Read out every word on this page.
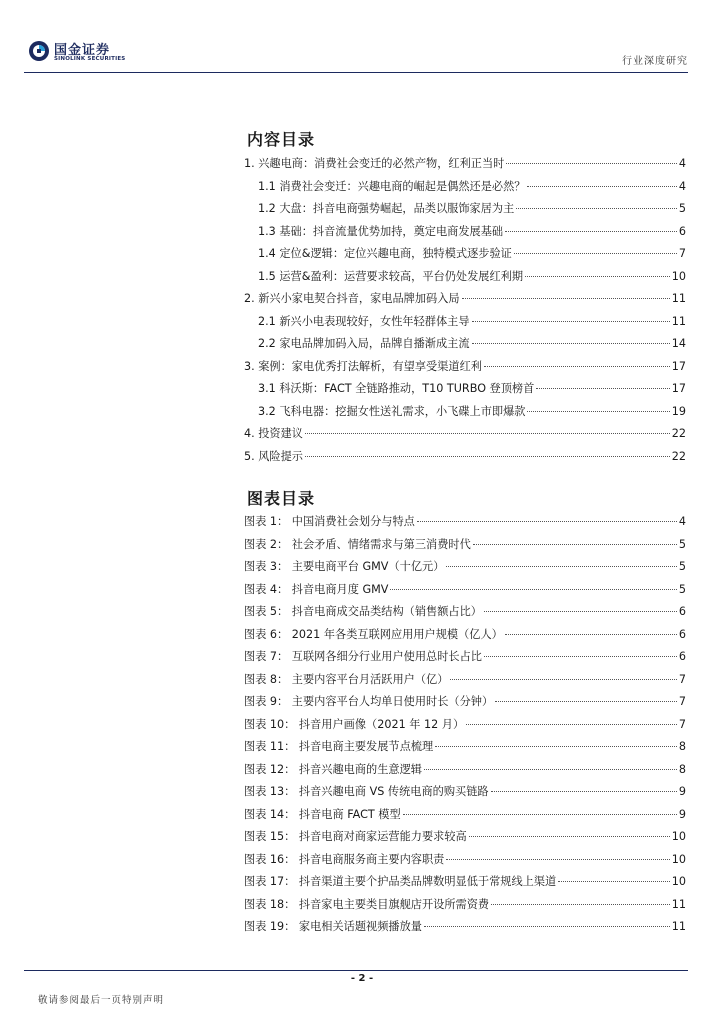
国金证券
SINOLINK SECURITIES	行业深度研究
内容目录
1. 兴趣电商：消费社会变迁的必然产物，红利正当时	4
1.1 消费社会变迁：兴趣电商的崛起是偶然还是必然？	4
1.2 大盘：抖音电商强势崛起，品类以服饰家居为主	5
1.3 基础：抖音流量优势加持，奠定电商发展基础	6
1.4 定位&逻辑：定位兴趣电商，独特模式逐步验证	7
1.5 运营&盈利：运营要求较高，平台仍处发展红利期	10
2. 新兴小家电契合抖音，家电品牌加码入局	11
2.1 新兴小电表现较好，女性年轻群体主导	11
2.2 家电品牌加码入局，品牌自播渐成主流	14
3. 案例：家电优秀打法解析，有望享受渠道红利	17
3.1 科沃斯：FACT 全链路推动，T10 TURBO 登顶榜首	17
3.2 飞科电器：挖掘女性送礼需求，小飞碟上市即爆款	19
4. 投资建议	22
5. 风险提示	22
图表目录
图表 1： 中国消费社会划分与特点	4
图表 2： 社会矛盾、情绪需求与第三消费时代	5
图表 3： 主要电商平台 GMV（十亿元）	5
图表 4： 抖音电商月度 GMV	5
图表 5： 抖音电商成交品类结构（销售额占比）	6
图表 6： 2021 年各类互联网应用用户规模（亿人）	6
图表 7： 互联网各细分行业用户使用总时长占比	6
图表 8： 主要内容平台月活跃用户（亿）	7
图表 9： 主要内容平台人均单日使用时长（分钟）	7
图表 10： 抖音用户画像（2021 年 12 月）	7
图表 11： 抖音电商主要发展节点梳理	8
图表 12： 抖音兴趣电商的生意逻辑	8
图表 13： 抖音兴趣电商 VS 传统电商的购买链路	9
图表 14： 抖音电商 FACT 模型	9
图表 15： 抖音电商对商家运营能力要求较高	10
图表 16： 抖音电商服务商主要内容职责	10
图表 17： 抖音渠道主要个护品类品牌数明显低于常规线上渠道	10
图表 18： 抖音家电主要类目旗舰店开设所需资费	11
图表 19： 家电相关话题视频播放量	11
- 2 -
敬请参阅最后一页特别声明
